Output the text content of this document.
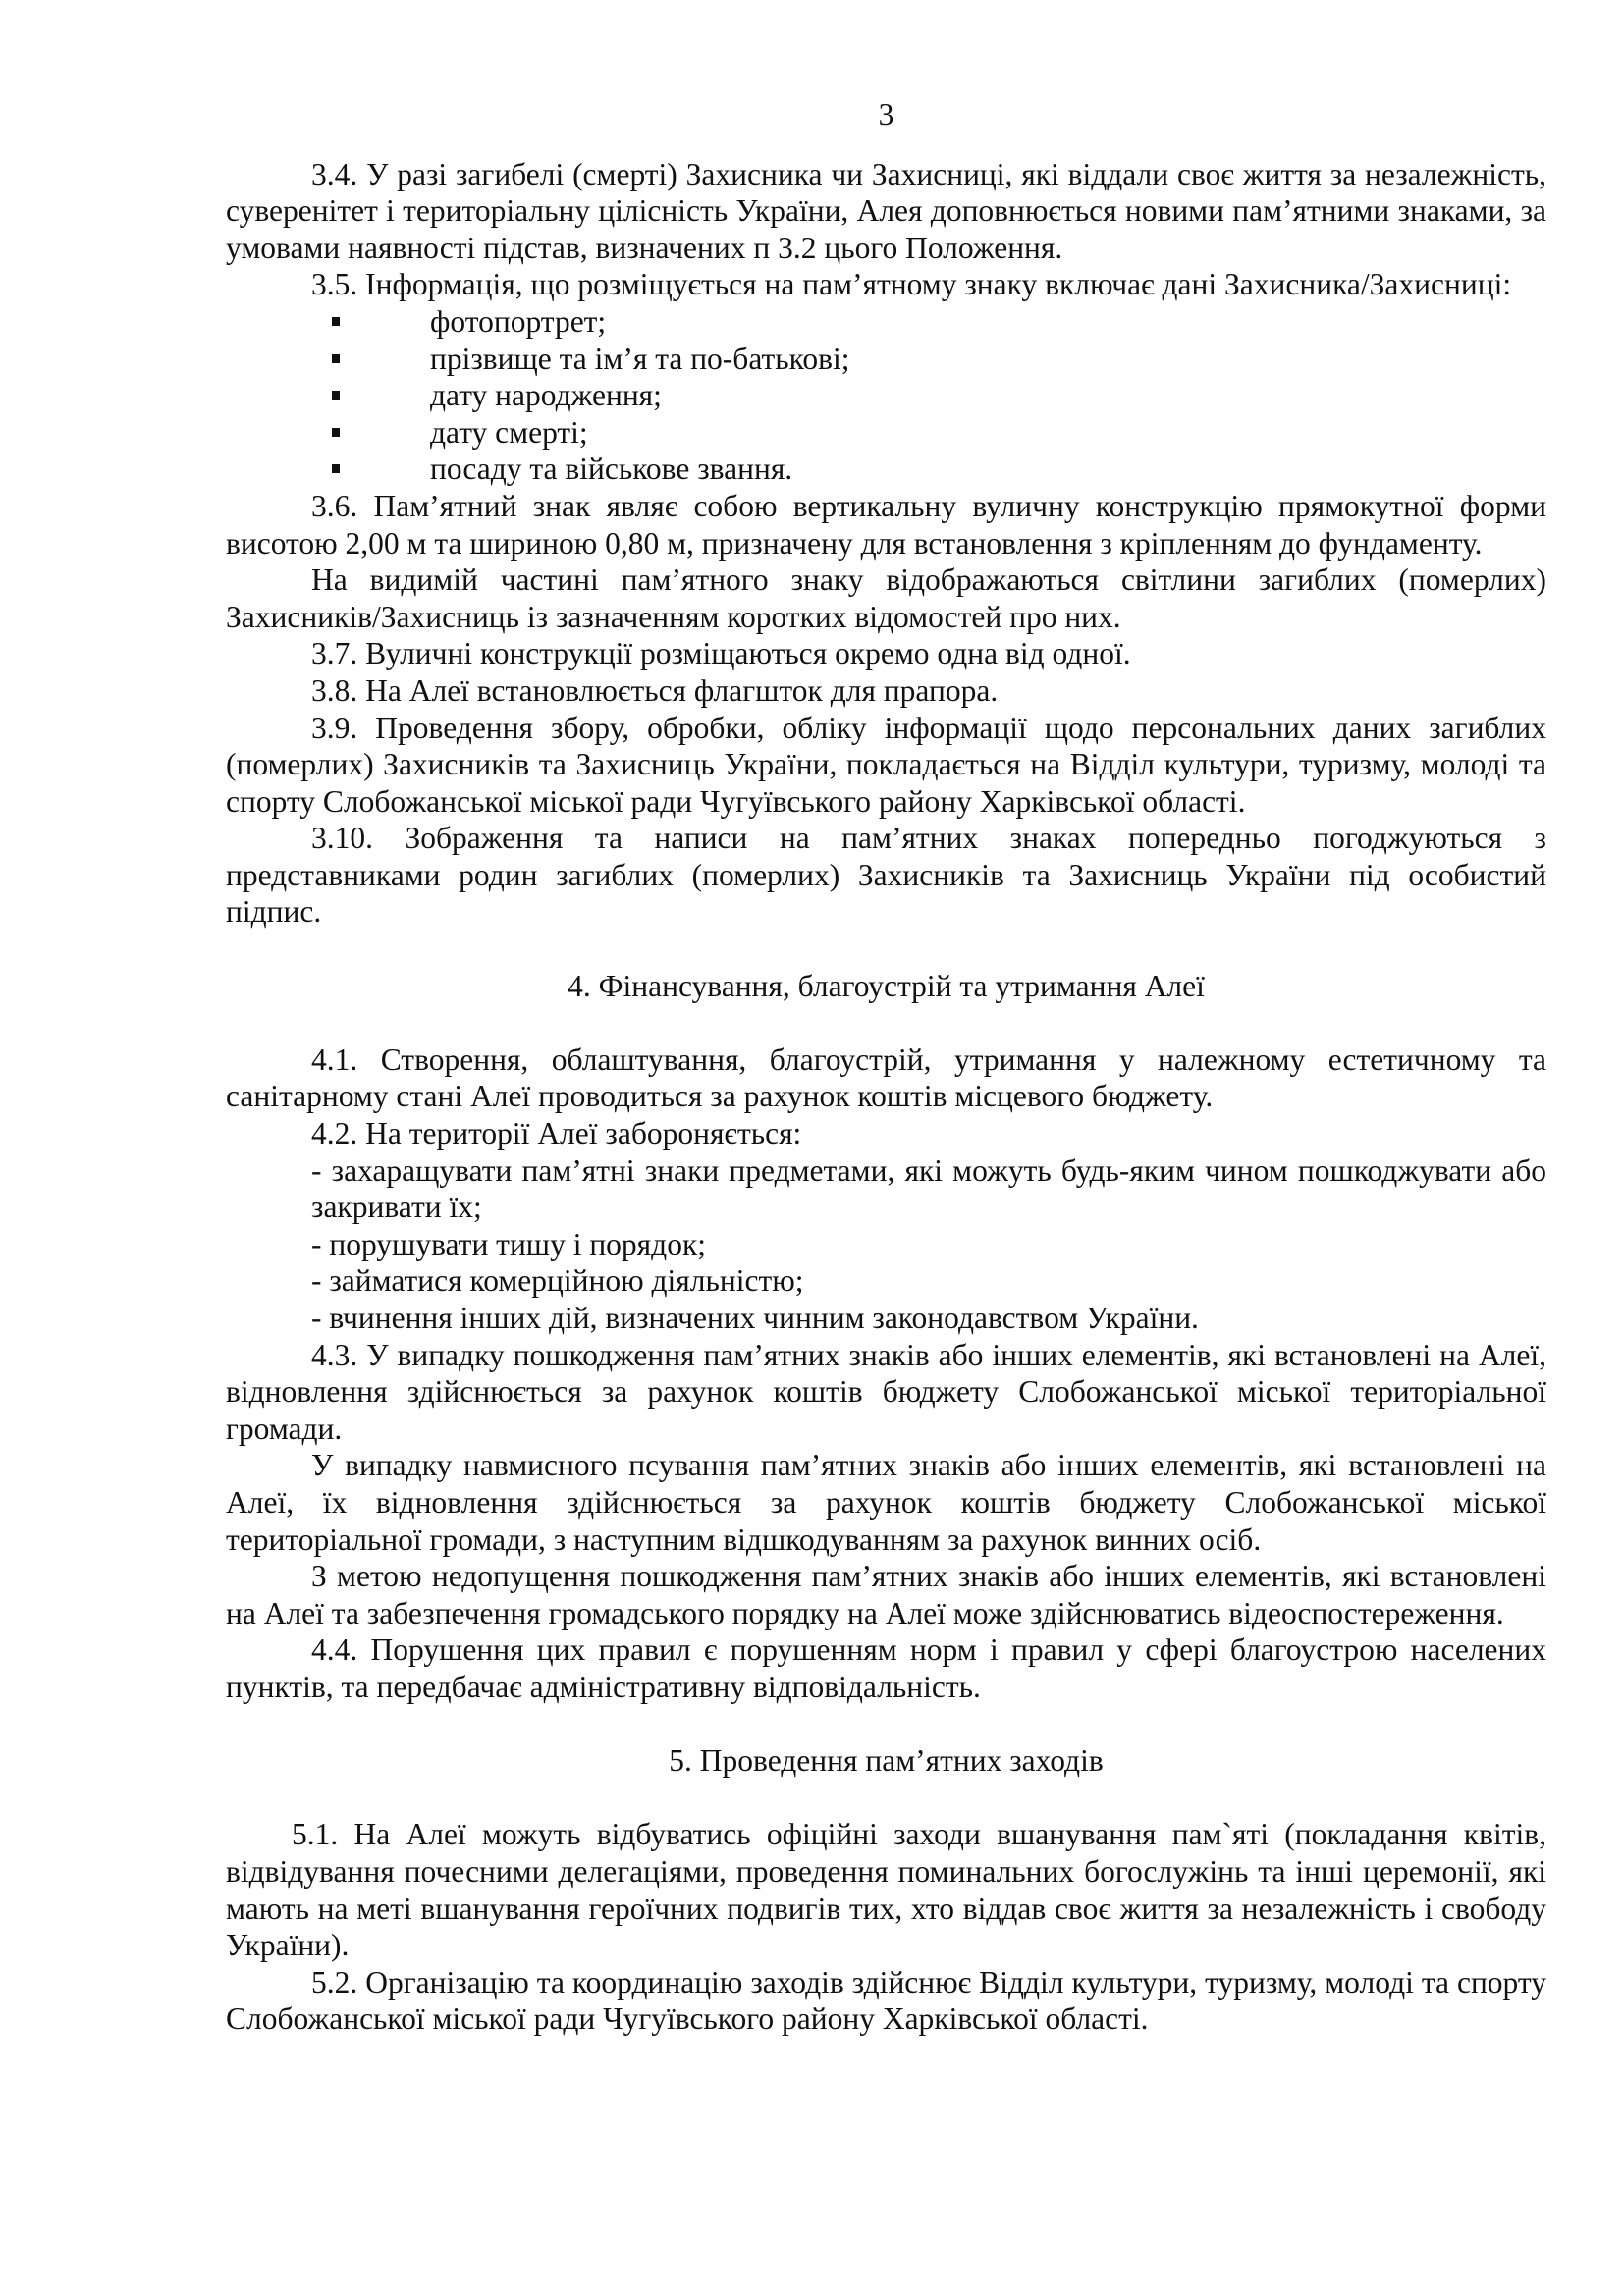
3

3.4. У разі загибелі (смерті) Захисника чи Захисниці, які віддали своє життя за незалежність, суверенітет і територіальну цілісність України, Алея доповнюється новими пам’ятними знаками, за умовами наявності підстав, визначених п 3.2 цього Положення.

3.5. Інформація, що розміщується на пам’ятному знаку включає дані Захисника/Захисниці:

фотопортрет;
прізвище та ім’я та по-батькові;
дату народження;
дату смерті;
посаду та військове звання.

3.6. Пам’ятний знак являє собою вертикальну вуличну конструкцію прямокутної форми висотою 2,00 м та шириною 0,80 м, призначену для встановлення з кріпленням до фундаменту.

На видимій частині пам’ятного знаку відображаються світлини загиблих (померлих) Захисників/Захисниць із зазначенням коротких відомостей про них.

3.7. Вуличні конструкції розміщаються окремо одна від одної.

3.8. На Алеї встановлюється флагшток для прапора.

3.9. Проведення збору, обробки, обліку інформації щодо персональних даних загиблих (померлих) Захисників та Захисниць України, покладається на Відділ культури, туризму, молоді та спорту Слобожанської міської ради Чугуївського району Харківської області.

3.10. Зображення та написи на пам’ятних знаках попередньо погоджуються з представниками родин загиблих (померлих) Захисників та Захисниць України під особистий підпис.

4. Фінансування, благоустрій та утримання Алеї

4.1. Створення, облаштування, благоустрій, утримання у належному естетичному та санітарному стані Алеї проводиться за рахунок коштів місцевого бюджету.

4.2. На території Алеї забороняється:

- захаращувати пам’ятні знаки предметами, які можуть будь-яким чином пошкоджувати або закривати їх;

- порушувати тишу і порядок;

- займатися комерційною діяльністю;

- вчинення інших дій, визначених чинним законодавством України.

4.3. У випадку пошкодження пам’ятних знаків або інших елементів, які встановлені на Алеї, відновлення здійснюється за рахунок коштів бюджету Слобожанської міської територіальної громади.

У випадку навмисного псування пам’ятних знаків або інших елементів, які встановлені на Алеї, їх відновлення здійснюється за рахунок коштів бюджету Слобожанської міської територіальної громади, з наступним відшкодуванням за рахунок винних осіб.

З метою недопущення пошкодження пам’ятних знаків або інших елементів, які встановлені на Алеї та забезпечення громадського порядку на Алеї може здійснюватись відеоспостереження.

4.4. Порушення цих правил є порушенням норм і правил у сфері благоустрою населених пунктів, та передбачає адміністративну відповідальність.

5. Проведення пам’ятних заходів

5.1. На Алеї можуть відбуватись офіційні заходи вшанування пам`яті (покладання квітів, відвідування почесними делегаціями, проведення поминальних богослужінь та інші церемонії, які мають на меті вшанування героїчних подвигів тих, хто віддав своє життя за незалежність і свободу України).

5.2. Організацію та координацію заходів здійснює Відділ культури, туризму, молоді та спорту Слобожанської міської ради Чугуївського району Харківської області.
